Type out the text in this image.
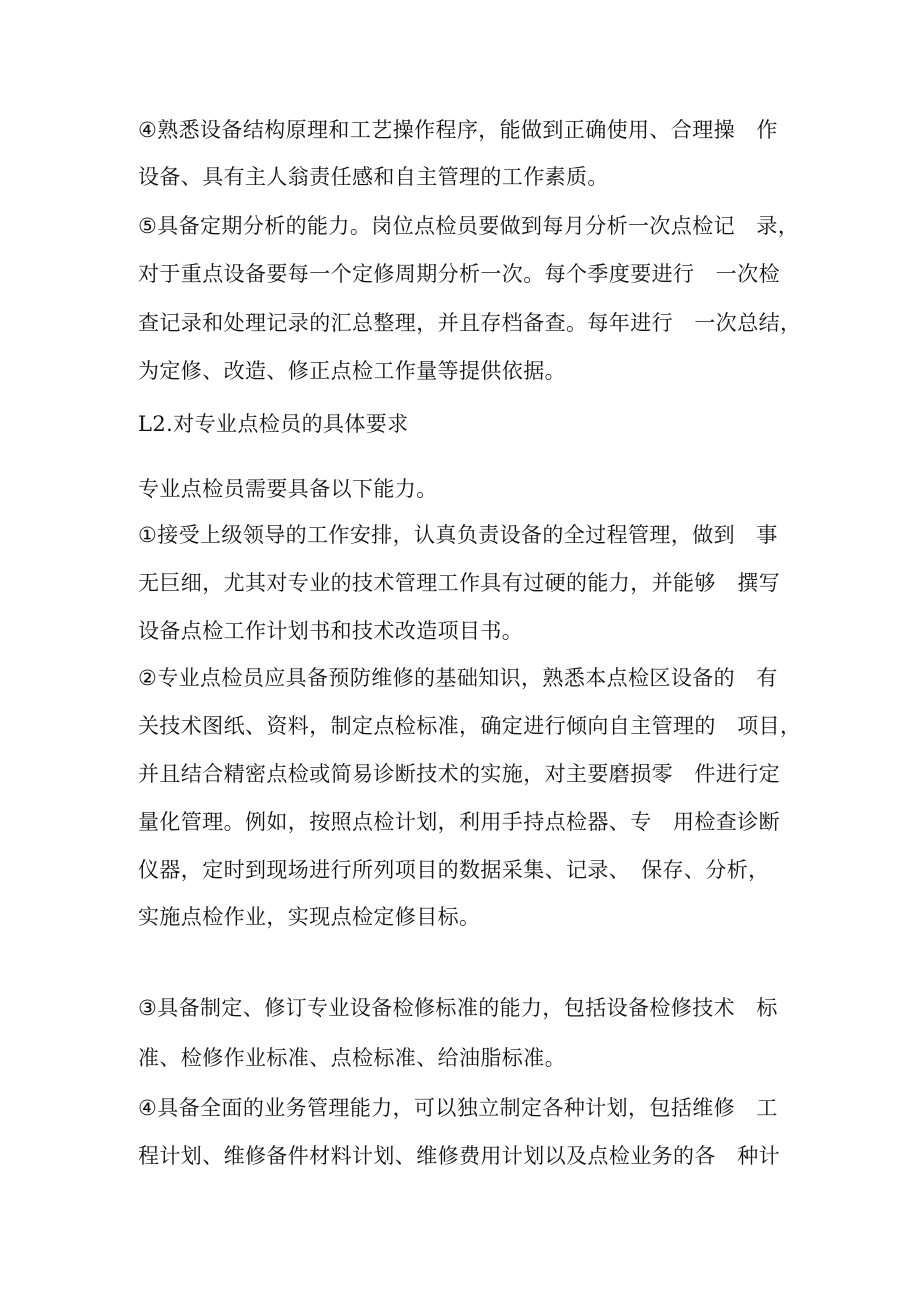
④熟悉设备结构原理和工艺操作程序，能做到正确使用、合理操　作
设备、具有主人翁责任感和自主管理的工作素质。
⑤具备定期分析的能力。岗位点检员要做到每月分析一次点检记　录，
对于重点设备要每一个定修周期分析一次。每个季度要进行　一次检
查记录和处理记录的汇总整理，并且存档备查。每年进行　一次总结，
为定修、改造、修正点检工作量等提供依据。
L2.对专业点检员的具体要求
专业点检员需要具备以下能力。
①接受上级领导的工作安排，认真负责设备的全过程管理，做到　事
无巨细，尤其对专业的技术管理工作具有过硬的能力，并能够　撰写
设备点检工作计划书和技术改造项目书。
②专业点检员应具备预防维修的基础知识，熟悉本点检区设备的　有
关技术图纸、资料，制定点检标准，确定进行倾向自主管理的　项目，
并且结合精密点检或简易诊断技术的实施，对主要磨损零　件进行定
量化管理。例如，按照点检计划，利用手持点检器、专　用检查诊断
仪器，定时到现场进行所列项目的数据采集、记录、　保存、分析，
实施点检作业，实现点检定修目标。
③具备制定、修订专业设备检修标准的能力，包括设备检修技术　标
准、检修作业标准、点检标准、给油脂标准。
④具备全面的业务管理能力，可以独立制定各种计划，包括维修　工
程计划、维修备件材料计划、维修费用计划以及点检业务的各　种计
